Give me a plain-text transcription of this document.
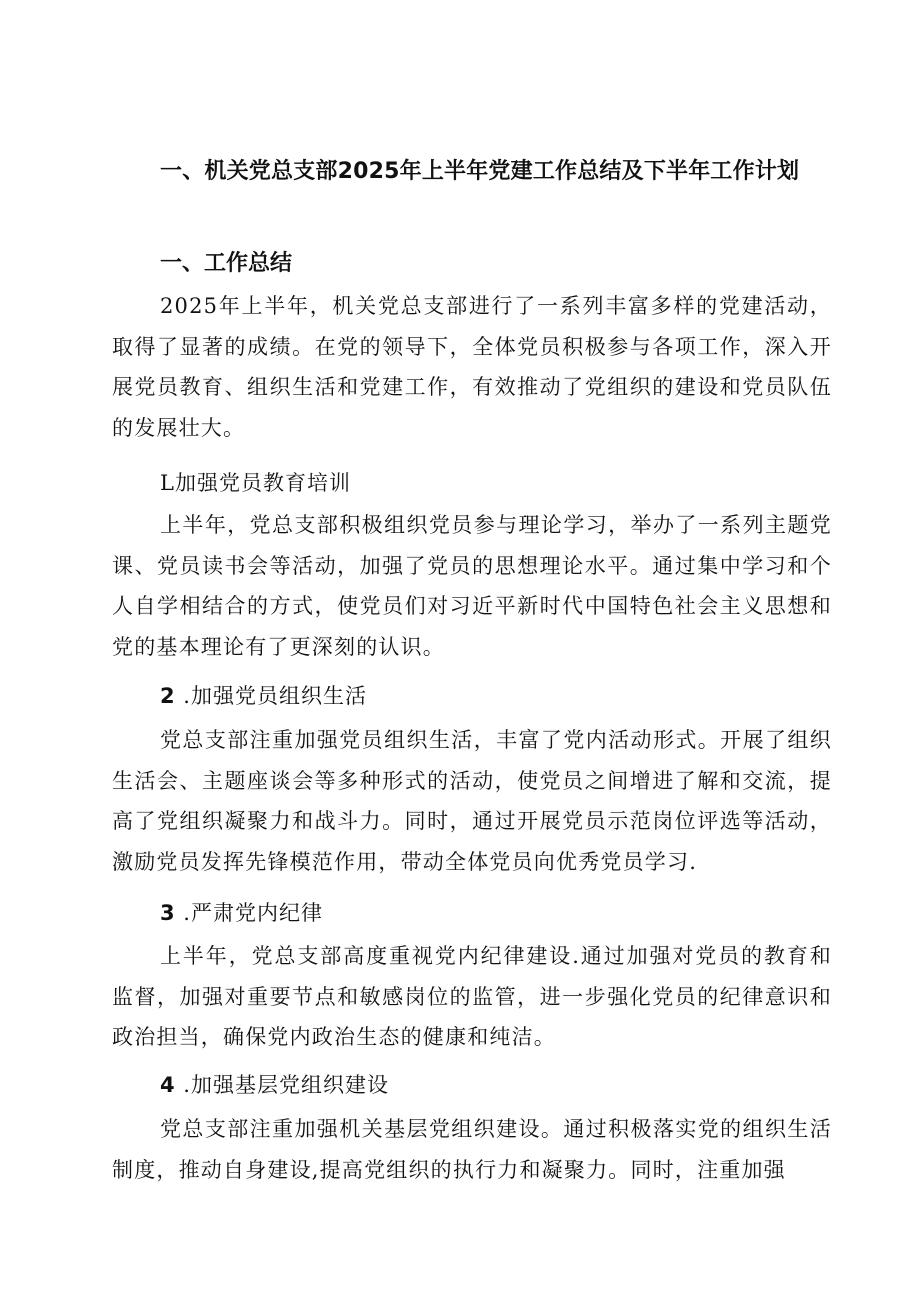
一、机关党总支部2025年上半年党建工作总结及下半年工作计划
一、工作总结

2025年上半年，机关党总支部进行了一系列丰富多样的党建活动，取得了显著的成绩。在党的领导下，全体党员积极参与各项工作，深入开展党员教育、组织生活和党建工作，有效推动了党组织的建设和党员队伍的发展壮大。

L加强党员教育培训

上半年，党总支部积极组织党员参与理论学习，举办了一系列主题党课、党员读书会等活动，加强了党员的思想理论水平。通过集中学习和个人自学相结合的方式，使党员们对习近平新时代中国特色社会主义思想和党的基本理论有了更深刻的认识。

2 .加强党员组织生活

党总支部注重加强党员组织生活，丰富了党内活动形式。开展了组织生活会、主题座谈会等多种形式的活动，使党员之间增进了解和交流，提高了党组织凝聚力和战斗力。同时，通过开展党员示范岗位评选等活动，激励党员发挥先锋模范作用，带动全体党员向优秀党员学习.

3 .严肃党内纪律

上半年，党总支部高度重视党内纪律建设.通过加强对党员的教育和监督，加强对重要节点和敏感岗位的监管，进一步强化党员的纪律意识和政治担当，确保党内政治生态的健康和纯洁。

4 .加强基层党组织建设

党总支部注重加强机关基层党组织建设。通过积极落实党的组织生活制度，推动自身建设,提高党组织的执行力和凝聚力。同时，注重加强
